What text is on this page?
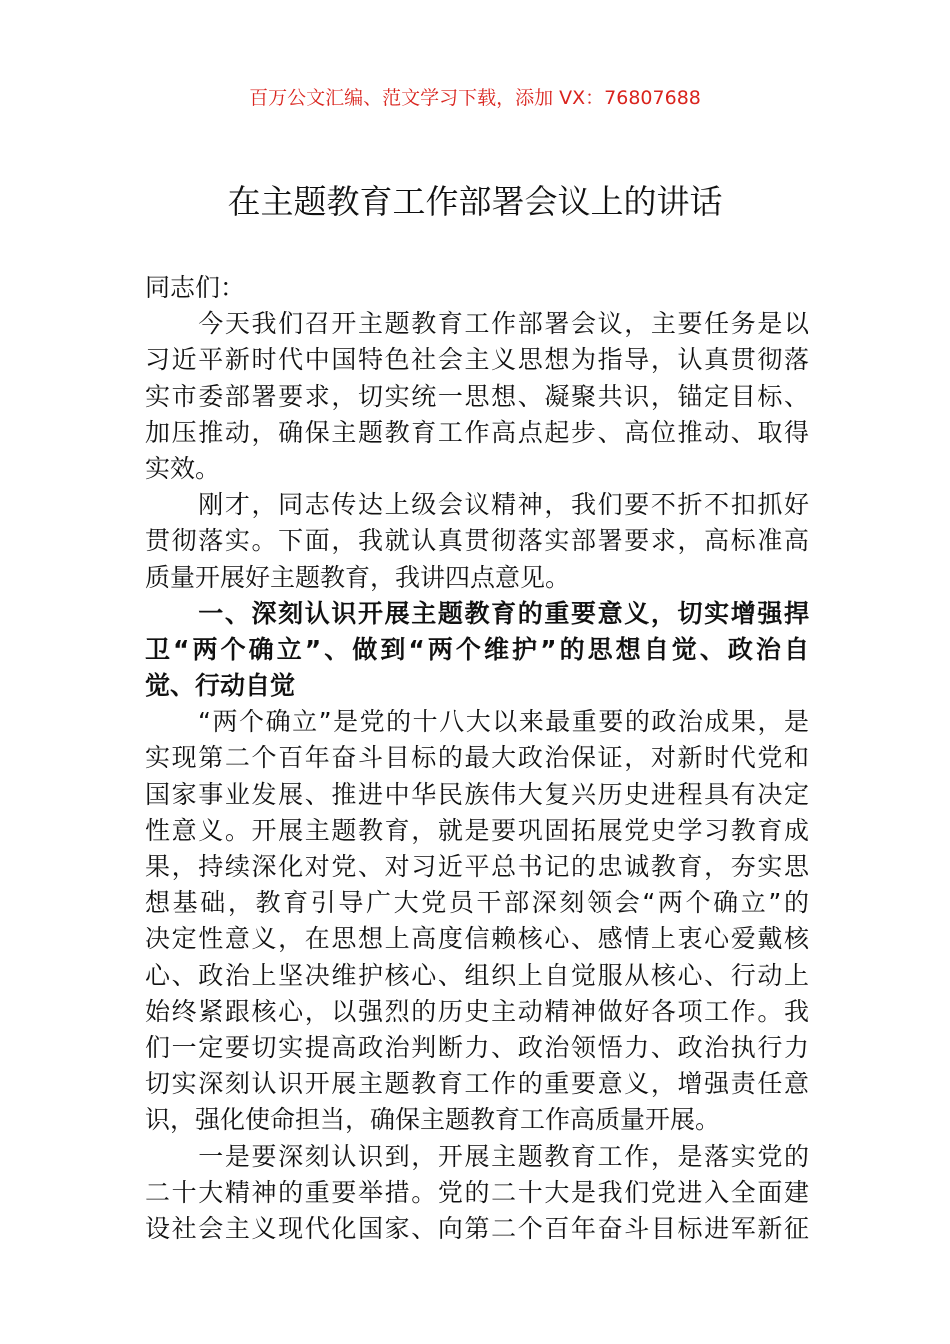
百万公文汇编、范文学习下载，添加 VX：76807688
在主题教育工作部署会议上的讲话
同志们：
　　今天我们召开主题教育工作部署会议，主要任务是以
习近平新时代中国特色社会主义思想为指导，认真贯彻落
实市委部署要求，切实统一思想、凝聚共识，锚定目标、
加压推动，确保主题教育工作高点起步、高位推动、取得
实效。
　　刚才，同志传达上级会议精神，我们要不折不扣抓好
贯彻落实。下面，我就认真贯彻落实部署要求，高标准高
质量开展好主题教育，我讲四点意见。
　　一、深刻认识开展主题教育的重要意义，切实增强捍
卫“两个确立”、做到“两个维护”的思想自觉、政治自
觉、行动自觉
　　“两个确立”是党的十八大以来最重要的政治成果，是
实现第二个百年奋斗目标的最大政治保证，对新时代党和
国家事业发展、推进中华民族伟大复兴历史进程具有决定
性意义。开展主题教育，就是要巩固拓展党史学习教育成
果，持续深化对党、对习近平总书记的忠诚教育，夯实思
想基础，教育引导广大党员干部深刻领会“两个确立”的
决定性意义，在思想上高度信赖核心、感情上衷心爱戴核
心、政治上坚决维护核心、组织上自觉服从核心、行动上
始终紧跟核心，以强烈的历史主动精神做好各项工作。我
们一定要切实提高政治判断力、政治领悟力、政治执行力
切实深刻认识开展主题教育工作的重要意义，增强责任意
识，强化使命担当，确保主题教育工作高质量开展。
　　一是要深刻认识到，开展主题教育工作，是落实党的
二十大精神的重要举措。党的二十大是我们党进入全面建
设社会主义现代化国家、向第二个百年奋斗目标进军新征
